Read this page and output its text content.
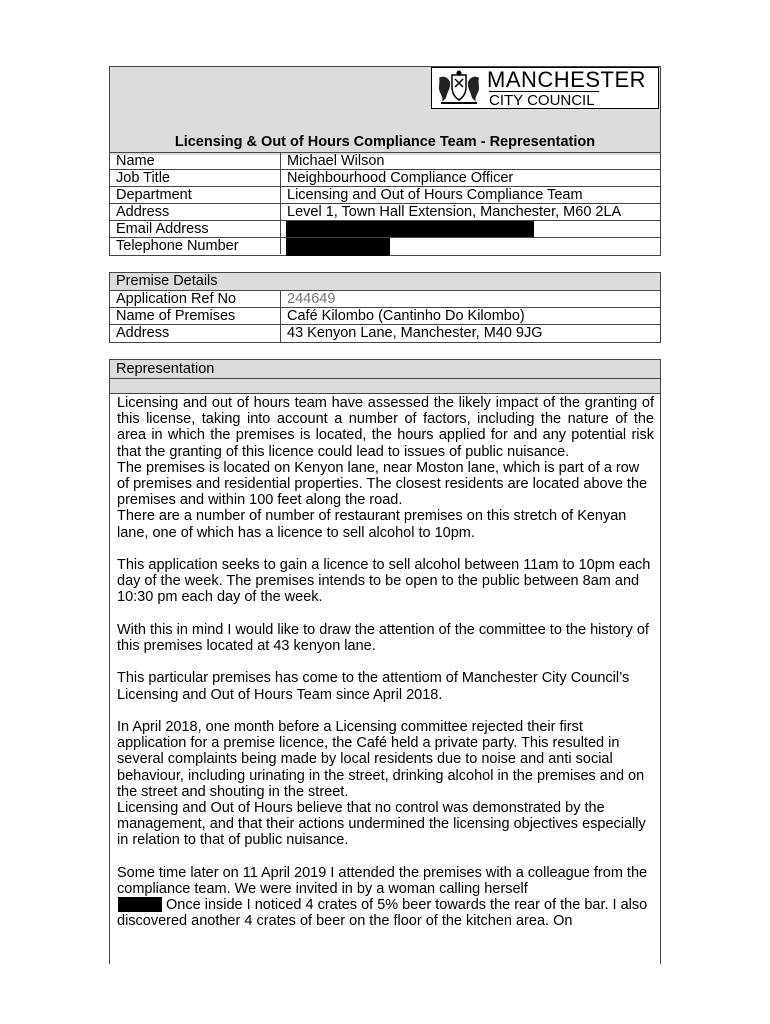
MANCHESTER
CITY COUNCIL
Licensing & Out of Hours Compliance Team - Representation
Name	Michael Wilson
Job Title	Neighbourhood Compliance Officer
Department	Licensing and Out of Hours Compliance Team
Address	Level 1, Town Hall Extension, Manchester, M60 2LA
Email Address
Telephone Number
Premise Details
Application Ref No	244649
Name of Premises	Café Kilombo (Cantinho Do Kilombo)
Address	43 Kenyon Lane, Manchester, M40 9JG
Representation

Licensing and out of hours team have assessed the likely impact of the granting of this license, taking into account a number of factors, including the nature of the area in which the premises is located, the hours applied for and any potential risk that the granting of this licence could lead to issues of public nuisance.

The premises is located on Kenyon lane, near Moston lane, which is part of a row of premises and residential properties. The closest residents are located above the premises and within 100 feet along the road.

There are a number of number of restaurant premises on this stretch of Kenyan lane, one of which has a licence to sell alcohol to 10pm.

This application seeks to gain a licence to sell alcohol between 11am to 10pm each day of the week. The premises intends to be open to the public between 8am and 10:30 pm each day of the week.

With this in mind I would like to draw the attention of the committee to the history of this premises located at 43 kenyon lane.

This particular premises has come to the attentiom of Manchester City Council’s Licensing and Out of Hours Team since April 2018.

In April 2018, one month before a Licensing committee rejected their first application for a premise licence, the Café held a private party. This resulted in several complaints being made by local residents due to noise and anti social behaviour, including urinating in the street, drinking alcohol in the premises and on the street and shouting in the street.

Licensing and Out of Hours believe that no control was demonstrated by the management, and that their actions undermined the licensing objectives especially in relation to that of public nuisance.

Some time later on 11 April 2019 I attended the premises with a colleague from the compliance team. We were invited in by a woman calling herself
Once inside I noticed 4 crates of 5% beer towards the rear of the bar. I also discovered another 4 crates of beer on the floor of the kitchen area. On
